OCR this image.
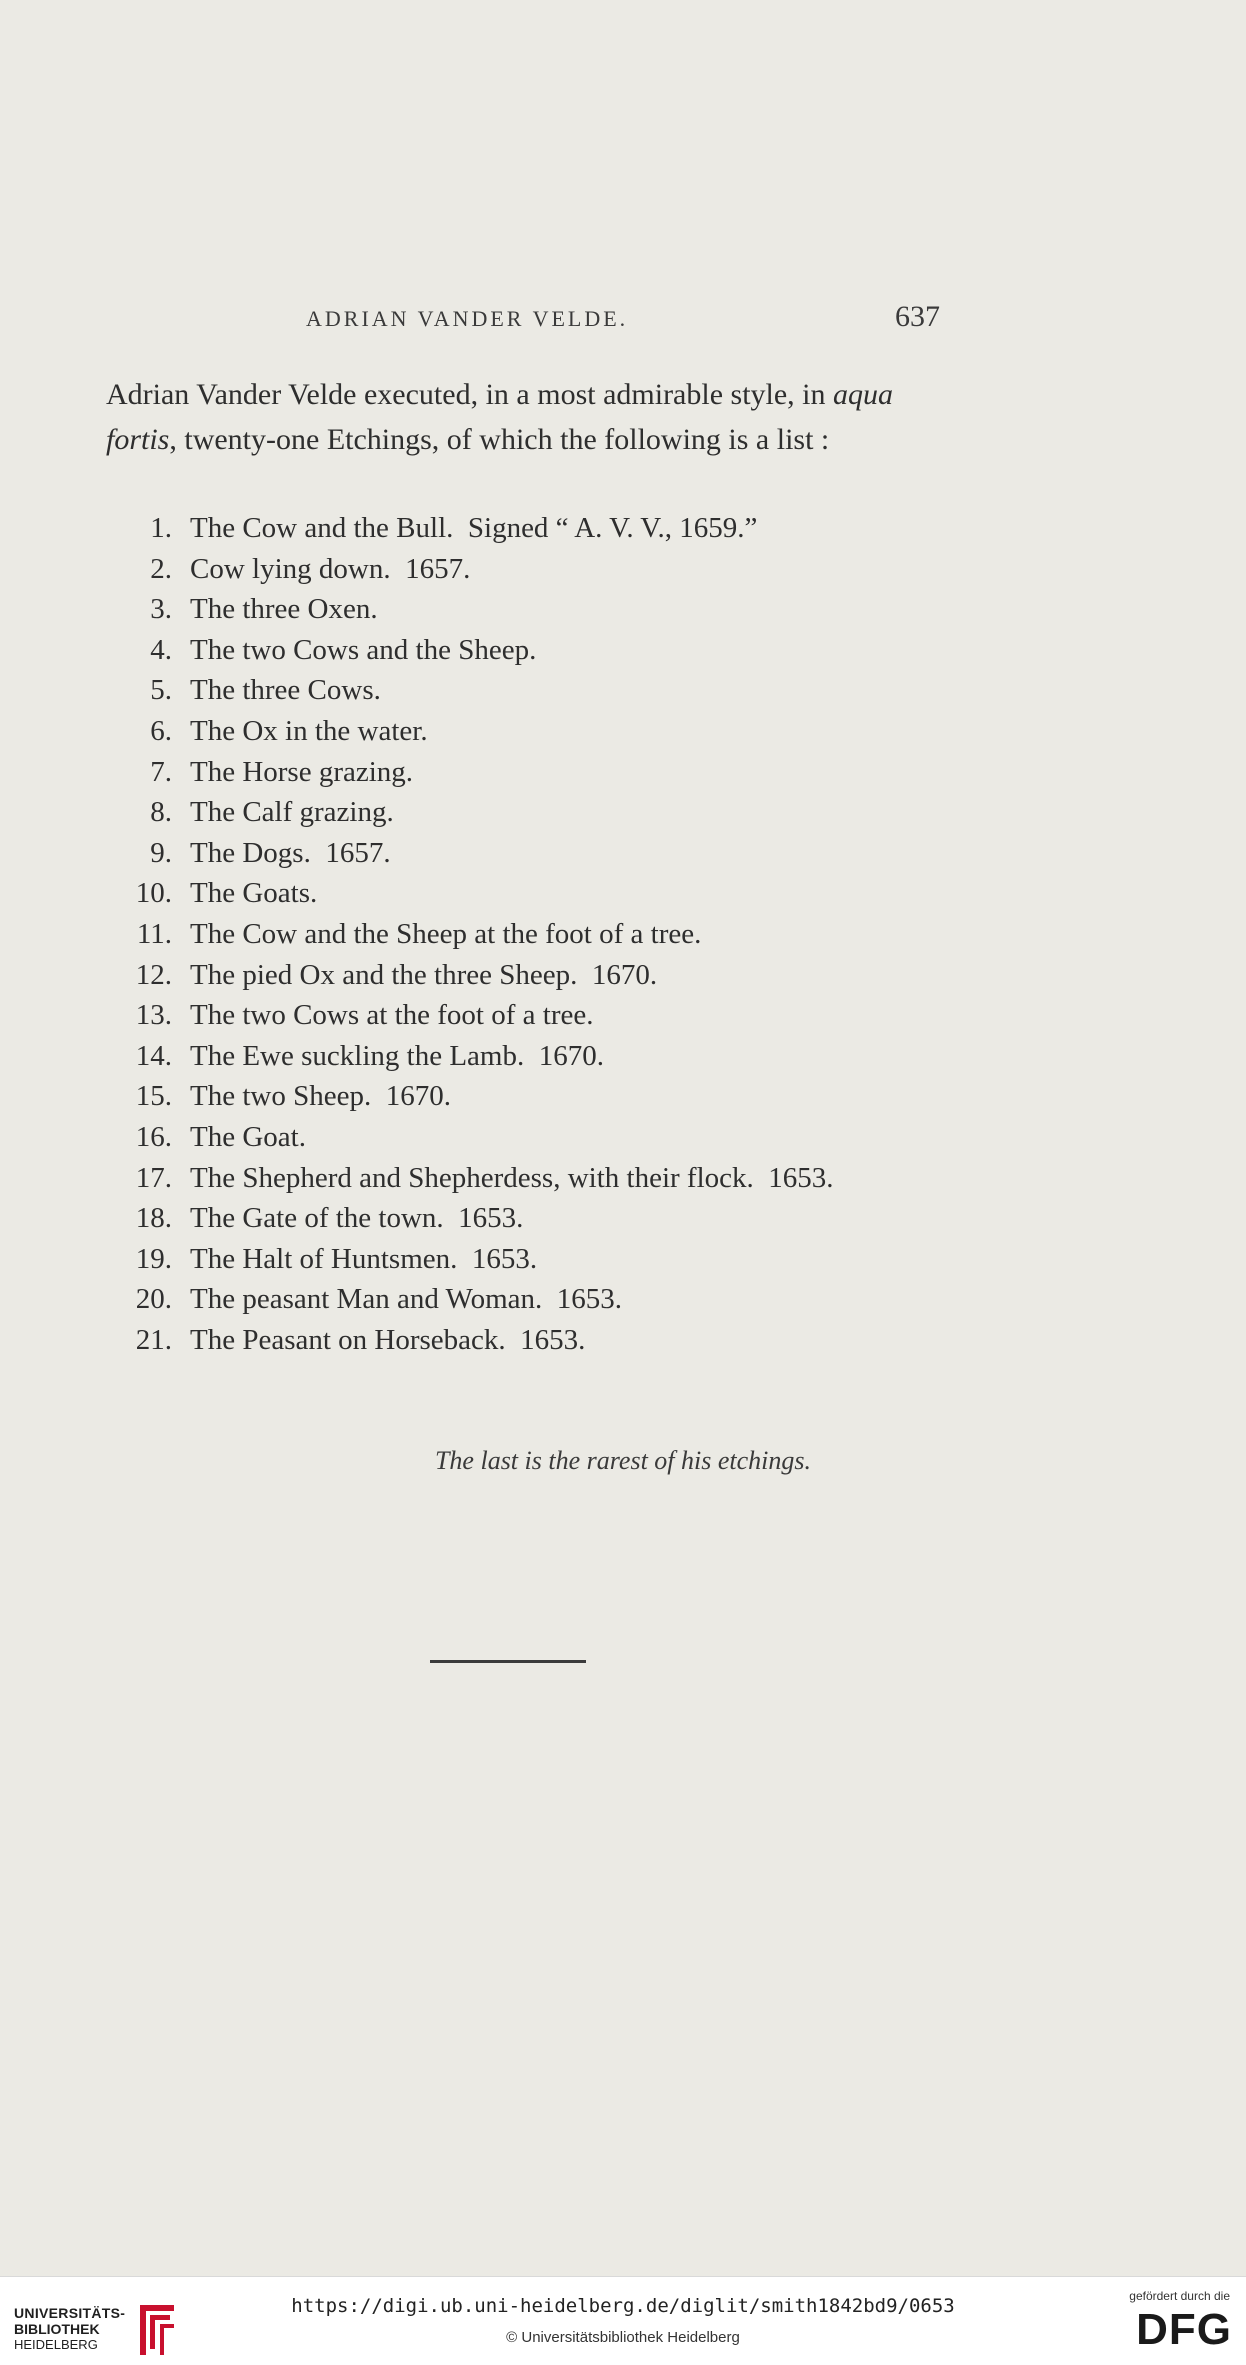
ADRIAN VANDER VELDE.	637

Adrian Vander Velde executed, in a most admirable style, in aqua fortis, twenty-one Etchings, of which the following is a list :

1. The Cow and the Bull.  Signed “ A. V. V., 1659.”
2. Cow lying down.  1657.
3. The three Oxen.
4. The two Cows and the Sheep.
5. The three Cows.
6. The Ox in the water.
7. The Horse grazing.
8. The Calf grazing.
9. The Dogs.  1657.
10. The Goats.
11. The Cow and the Sheep at the foot of a tree.
12. The pied Ox and the three Sheep.  1670.
13. The two Cows at the foot of a tree.
14. The Ewe suckling the Lamb.  1670.
15. The two Sheep.  1670.
16. The Goat.
17. The Shepherd and Shepherdess, with their flock.  1653.
18. The Gate of the town.  1653.
19. The Halt of Huntsmen.  1653.
20. The peasant Man and Woman.  1653.
21. The Peasant on Horseback.  1653.
The last is the rarest of his etchings.
UNIVERSITÄTS-
BIBLIOTHEK
HEIDELBERG
https://digi.ub.uni-heidelberg.de/diglit/smith1842bd9/0653
© Universitätsbibliothek Heidelberg
gefördert durch die
DFG
